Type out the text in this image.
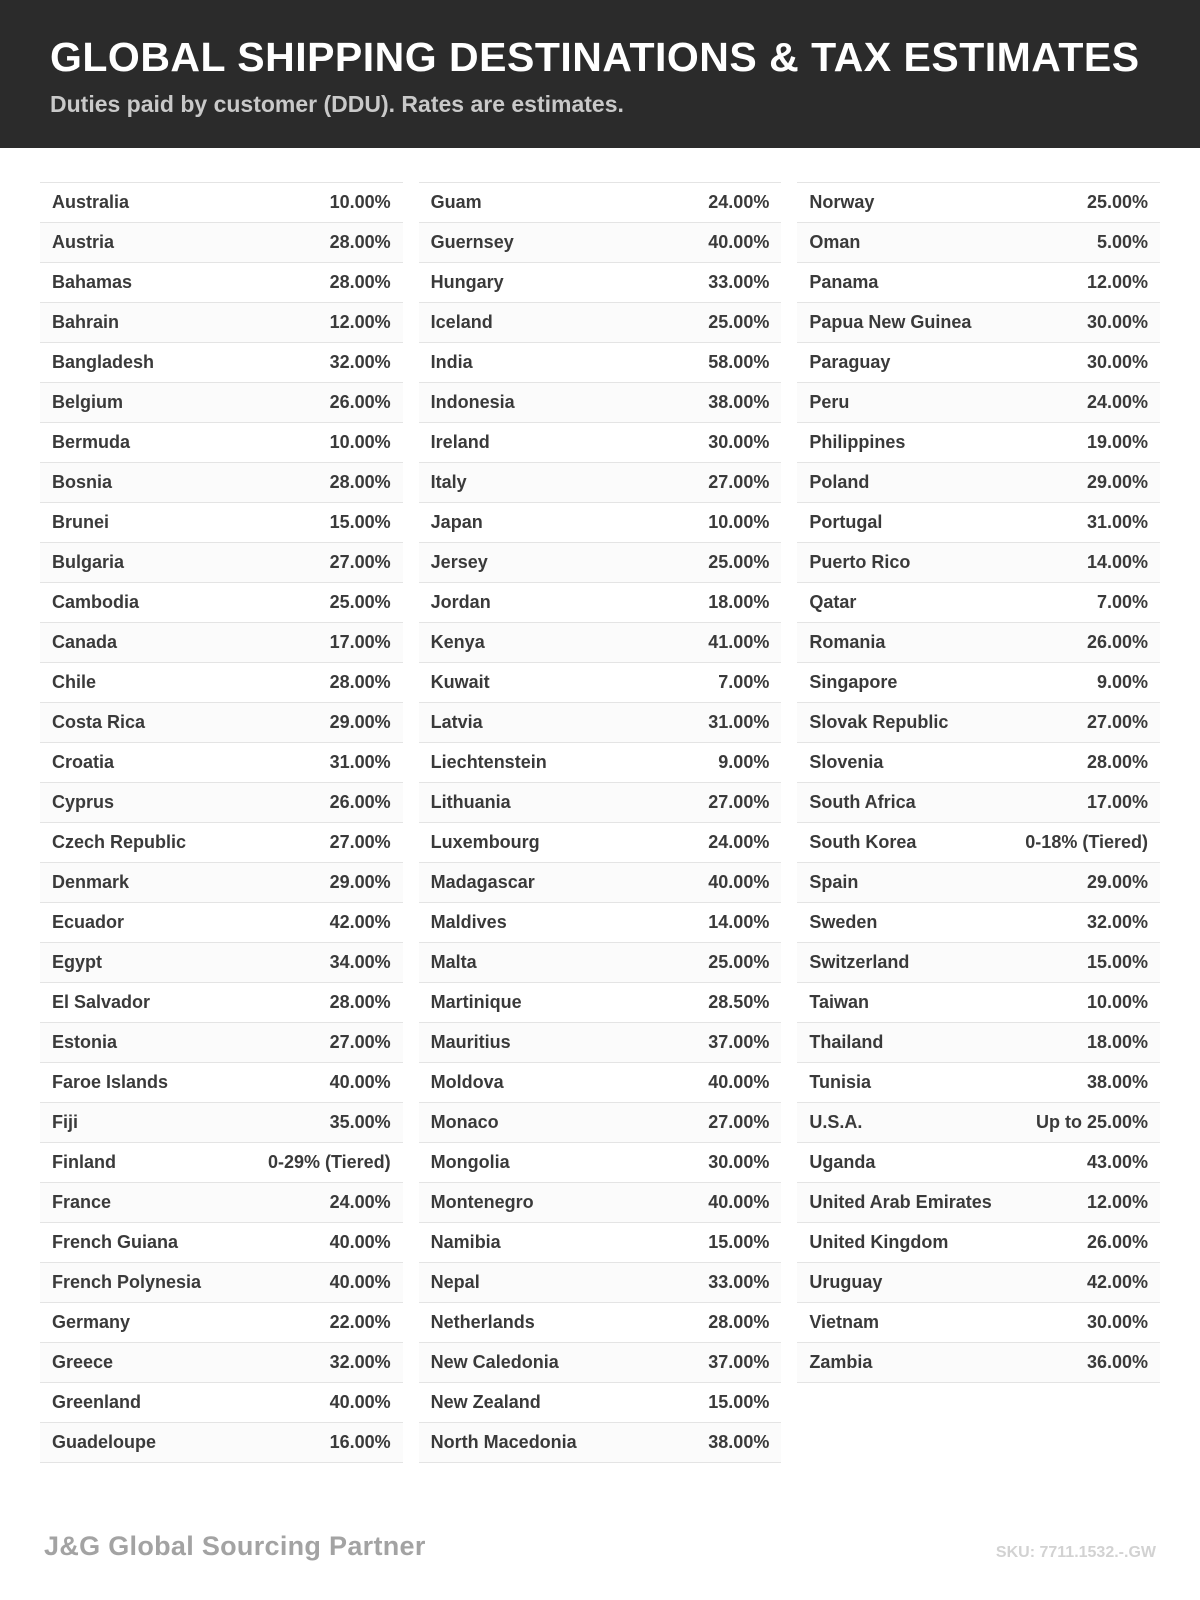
GLOBAL SHIPPING DESTINATIONS & TAX ESTIMATES

Duties paid by customer (DDU). Rates are estimates.

Australia	10.00%
Austria	28.00%
Bahamas	28.00%
Bahrain	12.00%
Bangladesh	32.00%
Belgium	26.00%
Bermuda	10.00%
Bosnia	28.00%
Brunei	15.00%
Bulgaria	27.00%
Cambodia	25.00%
Canada	17.00%
Chile	28.00%
Costa Rica	29.00%
Croatia	31.00%
Cyprus	26.00%
Czech Republic	27.00%
Denmark	29.00%
Ecuador	42.00%
Egypt	34.00%
El Salvador	28.00%
Estonia	27.00%
Faroe Islands	40.00%
Fiji	35.00%
Finland	0-29% (Tiered)
France	24.00%
French Guiana	40.00%
French Polynesia	40.00%
Germany	22.00%
Greece	32.00%
Greenland	40.00%
Guadeloupe	16.00%
Guam	24.00%
Guernsey	40.00%
Hungary	33.00%
Iceland	25.00%
India	58.00%
Indonesia	38.00%
Ireland	30.00%
Italy	27.00%
Japan	10.00%
Jersey	25.00%
Jordan	18.00%
Kenya	41.00%
Kuwait	7.00%
Latvia	31.00%
Liechtenstein	9.00%
Lithuania	27.00%
Luxembourg	24.00%
Madagascar	40.00%
Maldives	14.00%
Malta	25.00%
Martinique	28.50%
Mauritius	37.00%
Moldova	40.00%
Monaco	27.00%
Mongolia	30.00%
Montenegro	40.00%
Namibia	15.00%
Nepal	33.00%
Netherlands	28.00%
New Caledonia	37.00%
New Zealand	15.00%
North Macedonia	38.00%
Norway	25.00%
Oman	5.00%
Panama	12.00%
Papua New Guinea	30.00%
Paraguay	30.00%
Peru	24.00%
Philippines	19.00%
Poland	29.00%
Portugal	31.00%
Puerto Rico	14.00%
Qatar	7.00%
Romania	26.00%
Singapore	9.00%
Slovak Republic	27.00%
Slovenia	28.00%
South Africa	17.00%
South Korea	0-18% (Tiered)
Spain	29.00%
Sweden	32.00%
Switzerland	15.00%
Taiwan	10.00%
Thailand	18.00%
Tunisia	38.00%
U.S.A.	Up to 25.00%
Uganda	43.00%
United Arab Emirates	12.00%
United Kingdom	26.00%
Uruguay	42.00%
Vietnam	30.00%
Zambia	36.00%
J&G Global Sourcing Partner	SKU: 7711.1532.-.GW
